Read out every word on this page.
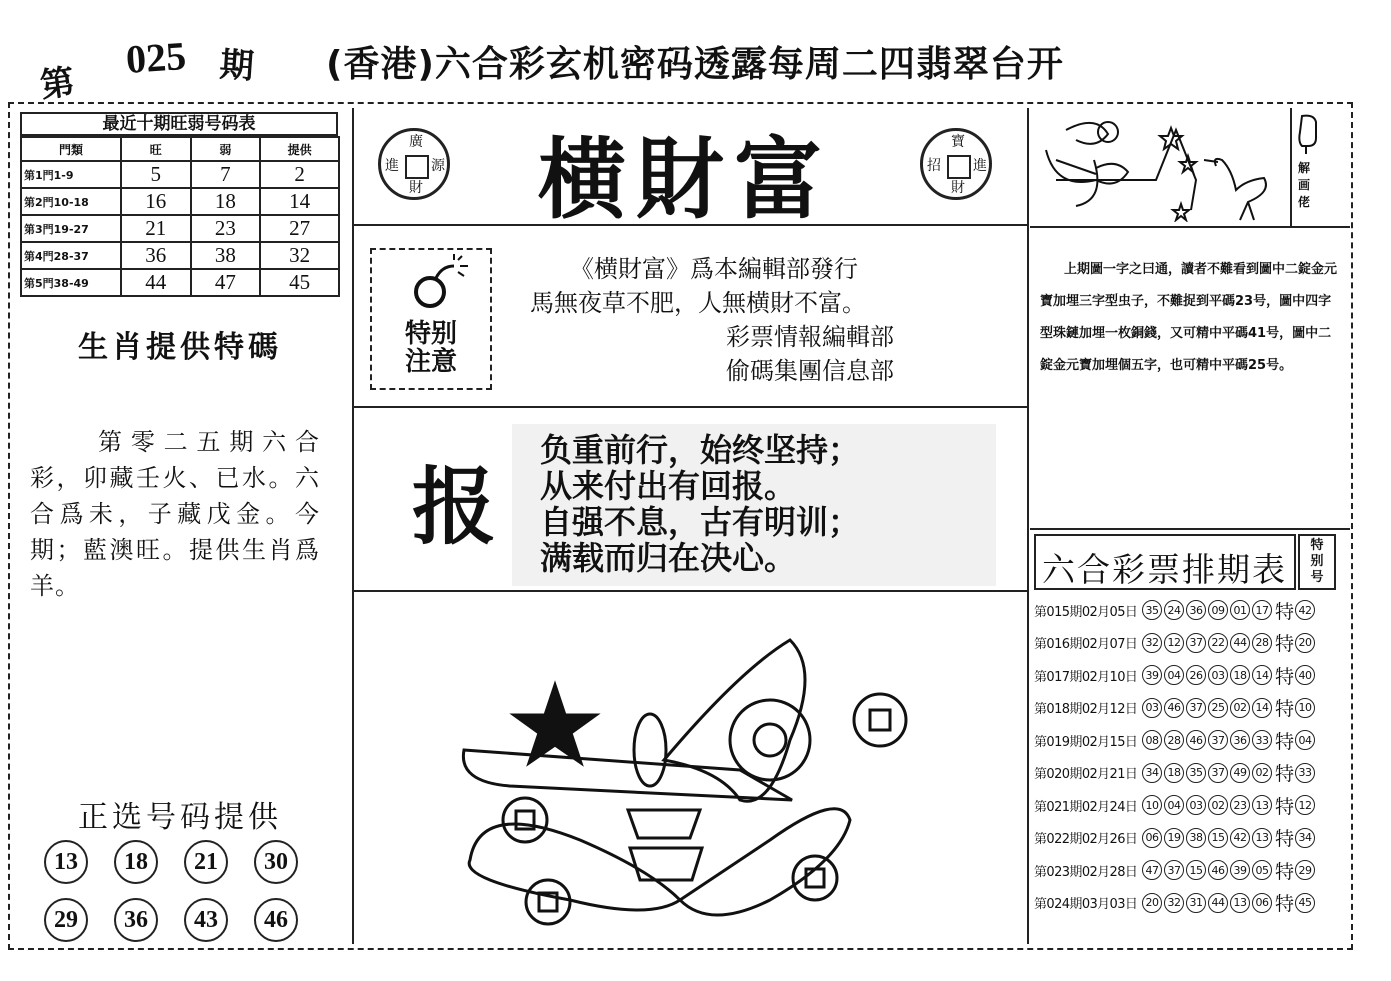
第
025 期 (香港)六合彩玄机密码透露每周二四翡翠台开
最近十期旺弱号码表
門類	旺	弱	提供
第1門1-9	5	7	2
第2門10-18	16	18	14
第3門19-27	21	23	27
第4門28-37	36	38	32
第5門38-49	44	47	45
生肖提供特碼
第零二五期六合彩，卯藏壬火、已水。六合爲未，子藏戊金。今期；藍澳旺。提供生肖爲羊。
正选号码提供
13	18	21	30
29	36	43	46
廣
進 源
財	横財富	寶
招 進
財
特别
注意
《横財富》爲本編輯部發行
馬無夜草不肥，人無横財不富。
彩票情報編輯部
偷碼集團信息部
报
负重前行，始终坚持；
从来付出有回报。
自强不息，古有明训；
满载而归在决心。
解
画
佬
上期圖一字之曰通，讀者不難看到圖中二錠金元寶加埋三字型虫子，不難捉到平碼23号，圖中四字型珠鏈加埋一枚銅錢，又可精中平碼41号，圖中二錠金元寶加埋個五字，也可精中平碼25号。
六合彩票排期表
特
别
号
第015期02月05日 35 24 36 09 01 17 特 42
第016期02月07日 32 12 37 22 44 28 特 20
第017期02月10日 39 04 26 03 18 14 特 40
第018期02月12日 03 46 37 25 02 14 特 10
第019期02月15日 08 28 46 37 36 33 特 04
第020期02月21日 34 18 35 37 49 02 特 33
第021期02月24日 10 04 03 02 23 13 特 12
第022期02月26日 06 19 38 15 42 13 特 34
第023期02月28日 47 37 15 46 39 05 特 29
第024期03月03日 20 32 31 44 13 06 特 45
